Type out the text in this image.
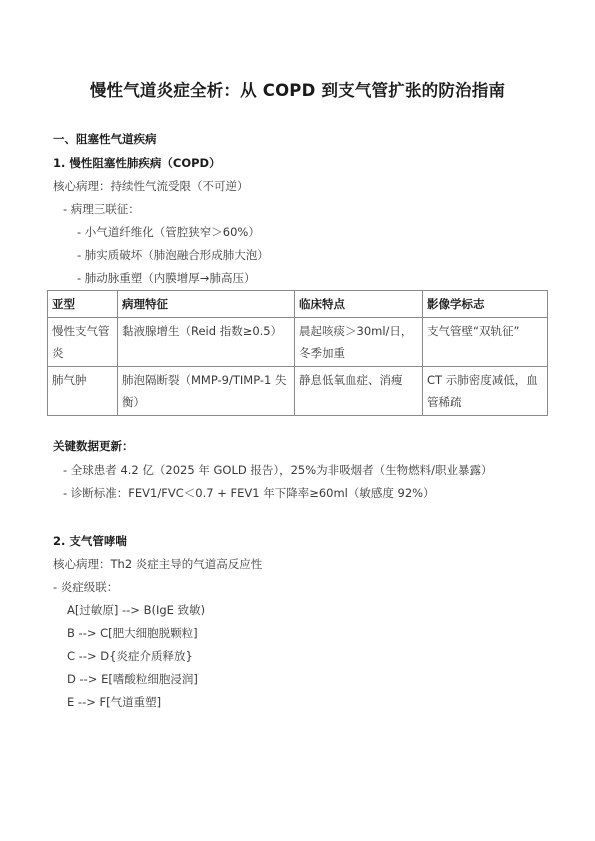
慢性气道炎症全析：从 COPD 到支气管扩张的防治指南
一、阻塞性气道疾病
1. 慢性阻塞性肺疾病（COPD）
核心病理：持续性气流受限（不可逆）
- 病理三联征：
- 小气道纤维化（管腔狭窄＞60%）
- 肺实质破坏（肺泡融合形成肺大泡）
- 肺动脉重塑（内膜增厚→肺高压）
亚型	病理特征	临床特点	影像学标志
慢性支气管炎	黏液腺增生（Reid 指数≥0.5）	晨起咳痰＞30ml/日，冬季加重	支气管壁“双轨征”
肺气肿	肺泡隔断裂（MMP-9/TIMP-1 失衡）	静息低氧血症、消瘦	CT 示肺密度减低，血管稀疏
关键数据更新：
- 全球患者 4.2 亿（2025 年 GOLD 报告），25%为非吸烟者（生物燃料/职业暴露）
- 诊断标准：FEV1/FVC＜0.7 + FEV1 年下降率≥60ml（敏感度 92%）
2. 支气管哮喘
核心病理：Th2 炎症主导的气道高反应性
- 炎症级联：
A[过敏原] --> B(IgE 致敏)
B --> C[肥大细胞脱颗粒]
C --> D{炎症介质释放}
D --> E[嗜酸粒细胞浸润]
E --> F[气道重塑]
